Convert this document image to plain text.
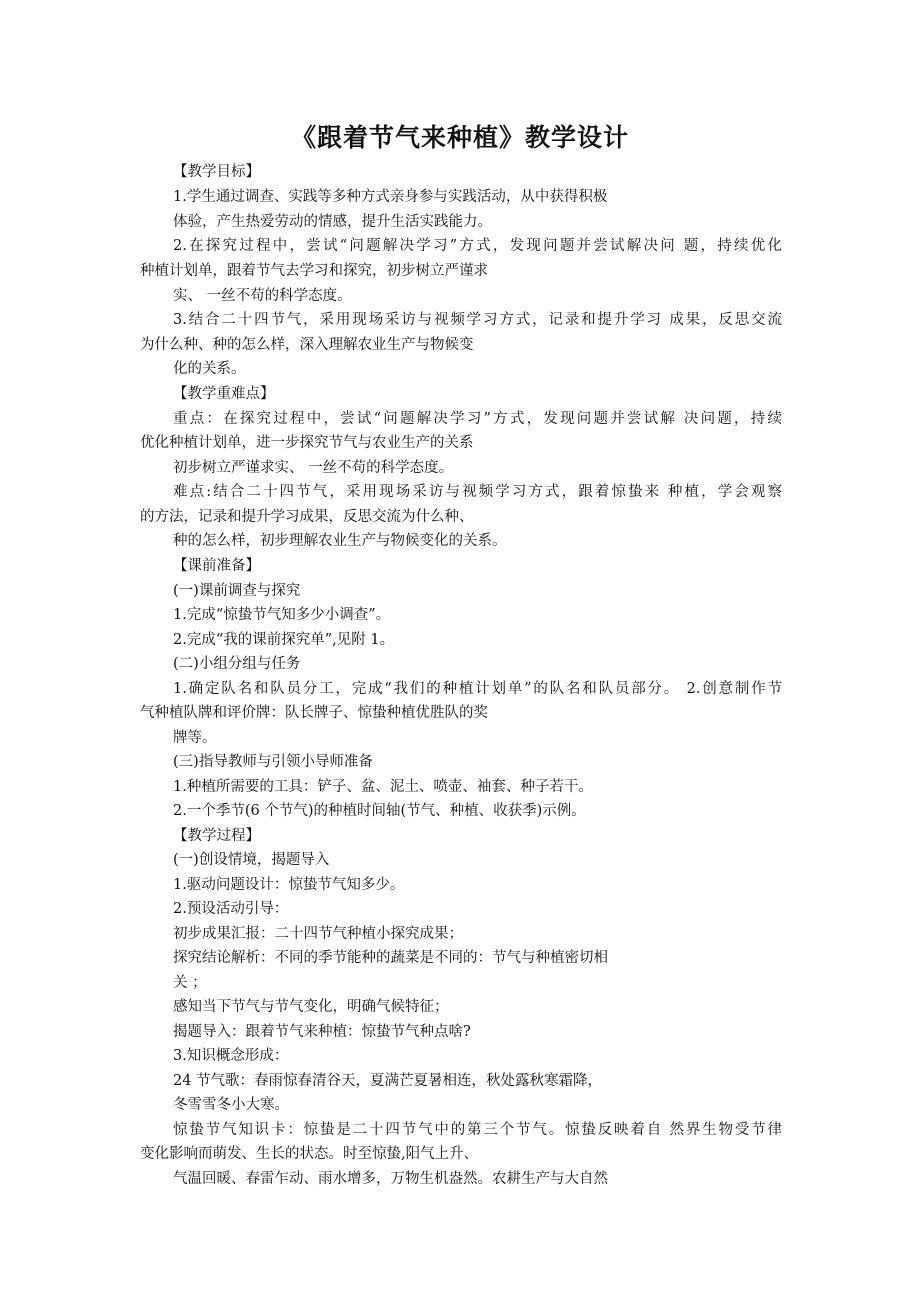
《跟着节气来种植》教学设计
【教学目标】
1.学生通过调查、实践等多种方式亲身参与实践活动，从中获得积极
体验，产生热爱劳动的情感，提升生活实践能力。
2.在探究过程中，尝试“问题解决学习”方式，发现问题并尝试解决问 题，持续优化
种植计划单，跟着节气去学习和探究，初步树立严谨求
实、 一丝不苟的科学态度。
3.结合二十四节气，采用现场采访与视频学习方式，记录和提升学习 成果，反思交流
为什么种、种的怎么样，深入理解农业生产与物候变
化的关系。
【教学重难点】
重点：在探究过程中，尝试“问题解决学习”方式，发现问题并尝试解 决问题，持续
优化种植计划单，进一步探究节气与农业生产的关系
初步树立严谨求实、 一丝不苟的科学态度。
难点:结合二十四节气，采用现场采访与视频学习方式，跟着惊蛰来 种植，学会观察
的方法，记录和提升学习成果，反思交流为什么种、
种的怎么样，初步理解农业生产与物候变化的关系。
【课前准备】
(一)课前调查与探究
1.完成“惊蛰节气知多少小调查”。
2.完成“我的课前探究单”,见附 1。
(二)小组分组与任务
1.确定队名和队员分工，完成“我们的种植计划单”的队名和队员部分。 2.创意制作节
气种植队牌和评价牌：队长牌子、惊蛰种植优胜队的奖
牌等。
(三)指导教师与引领小导师准备
1.种植所需要的工具：铲子、盆、泥土、喷壶、袖套、种子若干。
2.一个季节(6 个节气)的种植时间轴(节气、种植、收获季)示例。
【教学过程】
(一)创设情境，揭题导入
1.驱动问题设计：惊蛰节气知多少。
2.预设活动引导：
初步成果汇报：二十四节气种植小探究成果；
探究结论解析：不同的季节能种的蔬菜是不同的：节气与种植密切相
关 ；
感知当下节气与节气变化，明确气候特征；
揭题导入：跟着节气来种植：惊蛰节气种点啥?
3.知识概念形成：
24 节气歌：春雨惊春清谷天，夏满芒夏暑相连，秋处露秋寒霜降，
冬雪雪冬小大寒。
惊蛰节气知识卡：惊蛰是二十四节气中的第三个节气。惊蛰反映着自 然界生物受节律
变化影响而萌发、生长的状态。时至惊蛰,阳气上升、
气温回暖、春雷乍动、雨水增多，万物生机盎然。农耕生产与大自然
